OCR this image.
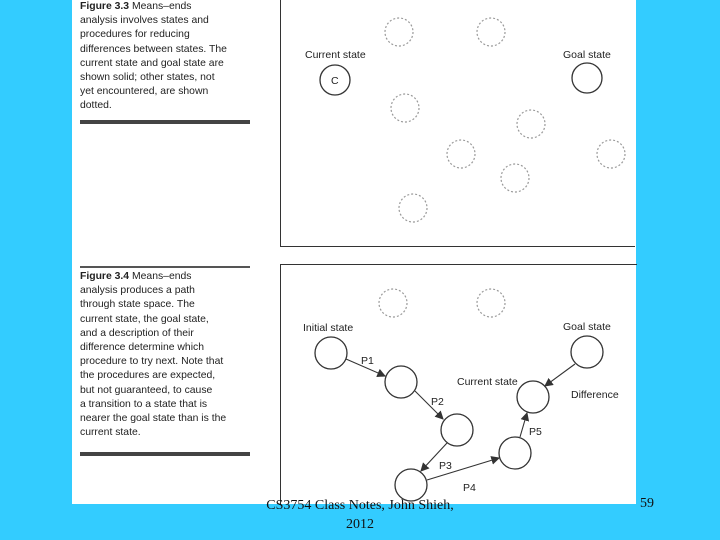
Figure 3.3 Means–ends
analysis involves states and
procedures for reducing
differences between states. The
current state and goal state are
shown solid; other states, not
yet encountered, are shown
dotted.
Current state
C
Goal state
Figure 3.4 Means–ends
analysis produces a path
through state space. The
current state, the goal state,
and a description of their
difference determine which
procedure to try next. Note that
the procedures are expected,
but not guaranteed, to cause
a transition to a state that is
nearer the goal state than is the
current state.
Initial state	Goal state
Current state
Difference
P1
P2
P3
P4
P5
CS3754 Class Notes, John Shieh,
2012
59
